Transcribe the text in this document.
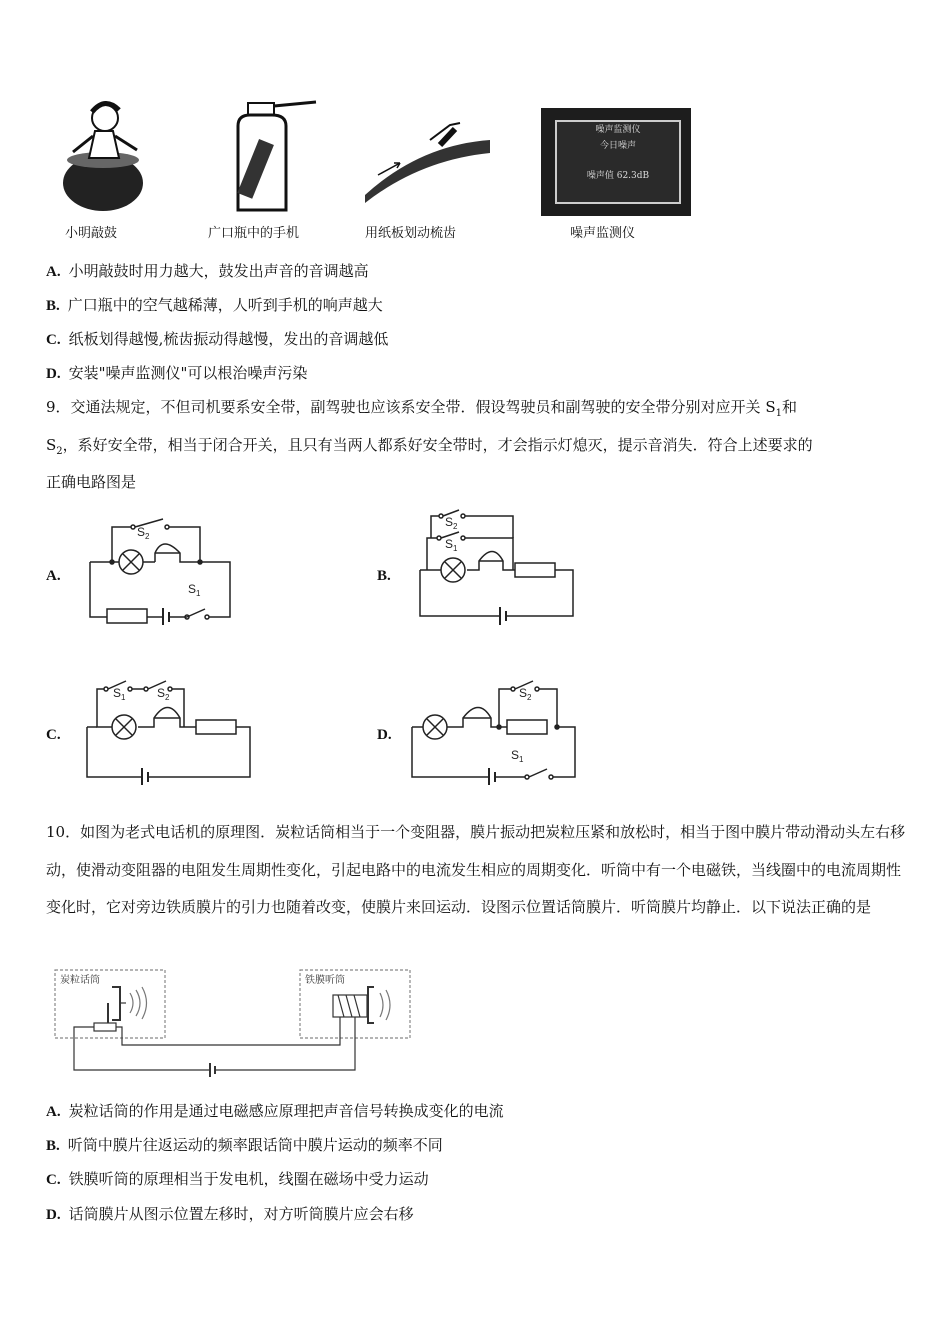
噪声监测仪
今日噪声
噪声值 62.3dB
小明敲鼓	广口瓶中的手机	用纸板划动梳齿	噪声监测仪
A. 小明敲鼓时用力越大，鼓发出声音的音调越高
B. 广口瓶中的空气越稀薄，人听到手机的响声越大
C. 纸板划得越慢,梳齿振动得越慢，发出的音调越低
D. 安装"噪声监测仪"可以根治噪声污染
9．交通法规定，不但司机要系安全带，副驾驶也应该系安全带．假设驾驶员和副驾驶的安全带分别对应开关 $S_1$和
$S_2$，系好安全带，相当于闭合开关，且只有当两人都系好安全带时，才会指示灯熄灭，提示音消失．符合上述要求的
正确电路图是
A.
S 2
S 1
B.
S 2
S 1
C.
S 1	S 2
D.
S 2
S 1
10．如图为老式电话机的原理图．炭粒话筒相当于一个变阻器，膜片振动把炭粒压紧和放松时，相当于图中膜片带动滑动头左右移动，使滑动变阻器的电阻发生周期性变化，引起电路中的电流发生相应的周期变化．听筒中有一个电磁铁，当线圈中的电流周期性变化时，它对旁边铁质膜片的引力也随着改变，使膜片来回运动．设图示位置话筒膜片．听筒膜片均静止．以下说法正确的是
炭粒话筒	铁膜听筒
A. 炭粒话筒的作用是通过电磁感应原理把声音信号转换成变化的电流
B. 听筒中膜片往返运动的频率跟话筒中膜片运动的频率不同
C. 铁膜听筒的原理相当于发电机，线圈在磁场中受力运动
D. 话筒膜片从图示位置左移时，对方听筒膜片应会右移
